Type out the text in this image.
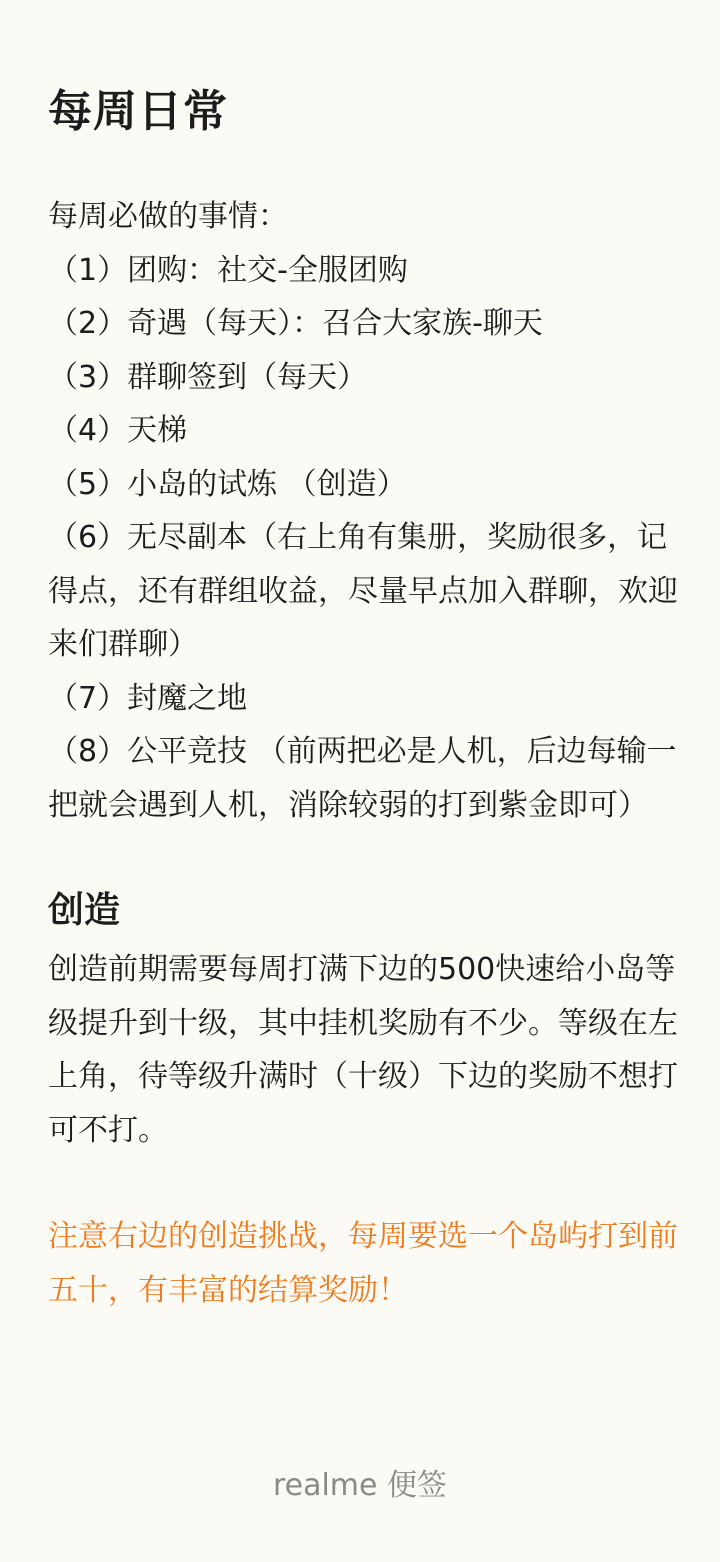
每周日常

每周必做的事情：

（1）团购：社交-全服团购

（2）奇遇（每天）：召合大家族-聊天

（3）群聊签到（每天）

（4）天梯

（5）小岛的试炼 （创造）

（6）无尽副本（右上角有集册，奖励很多，记得点，还有群组收益，尽量早点加入群聊，欢迎来们群聊）

（7）封魔之地

（8）公平竞技 （前两把必是人机，后边每输一把就会遇到人机，消除较弱的打到紫金即可）

创造

创造前期需要每周打满下边的500快速给小岛等级提升到十级，其中挂机奖励有不少。等级在左上角，待等级升满时（十级）下边的奖励不想打可不打。

注意右边的创造挑战，每周要选一个岛屿打到前五十，有丰富的结算奖励！

realme 便签
